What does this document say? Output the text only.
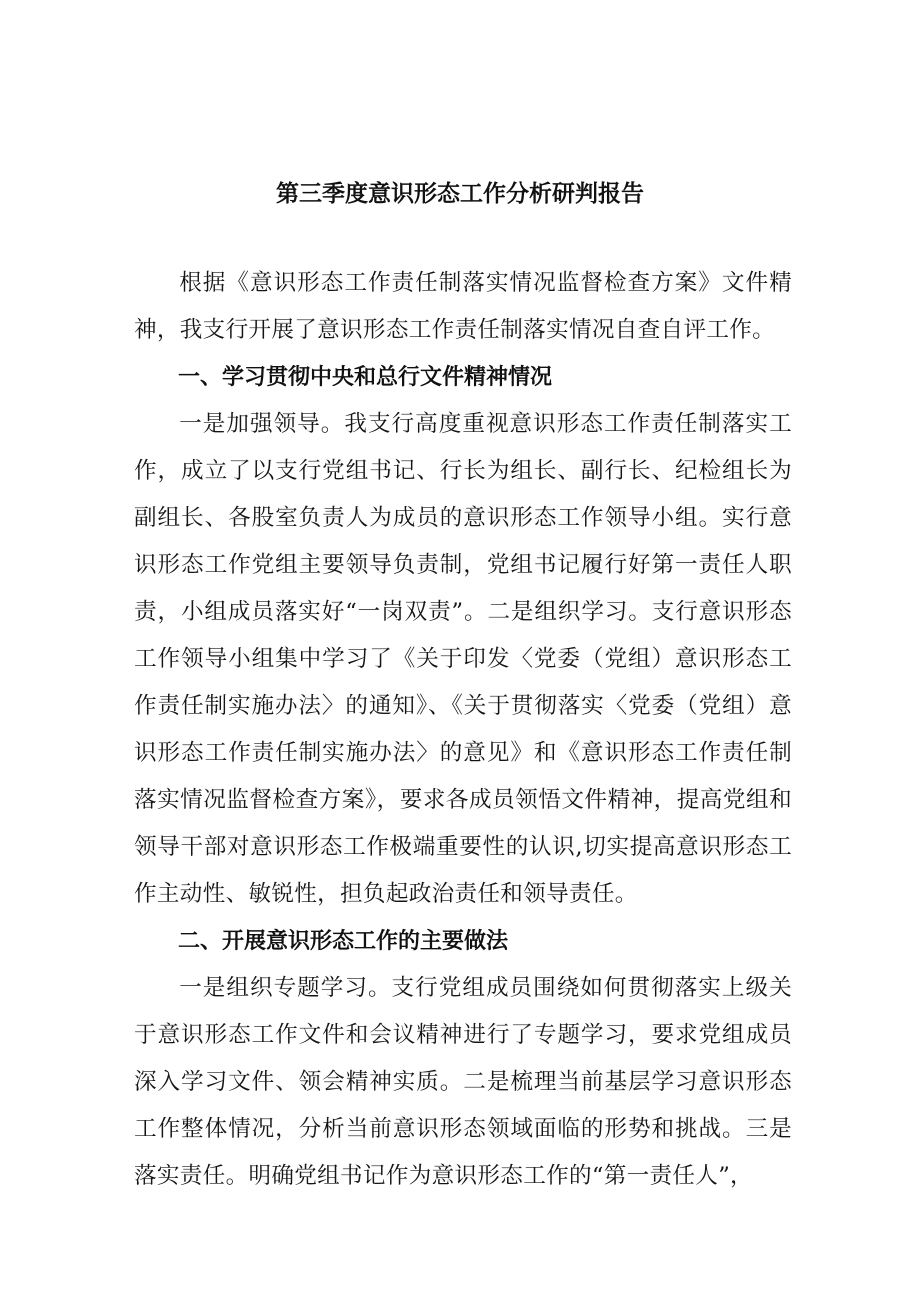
第三季度意识形态工作分析研判报告

根据《意识形态工作责任制落实情况监督检查方案》文件精神，我支行开展了意识形态工作责任制落实情况自查自评工作。

一、学习贯彻中央和总行文件精神情况

一是加强领导。我支行高度重视意识形态工作责任制落实工作，成立了以支行党组书记、行长为组长、副行长、纪检组长为副组长、各股室负责人为成员的意识形态工作领导小组。实行意识形态工作党组主要领导负责制，党组书记履行好第一责任人职责，小组成员落实好“一岗双责”。二是组织学习。支行意识形态工作领导小组集中学习了《关于印发〈党委（党组）意识形态工作责任制实施办法〉的通知》、《关于贯彻落实〈党委（党组）意识形态工作责任制实施办法〉的意见》和《意识形态工作责任制落实情况监督检查方案》，要求各成员领悟文件精神，提高党组和领导干部对意识形态工作极端重要性的认识,切实提高意识形态工作主动性、敏锐性，担负起政治责任和领导责任。

二、开展意识形态工作的主要做法

一是组织专题学习。支行党组成员围绕如何贯彻落实上级关于意识形态工作文件和会议精神进行了专题学习，要求党组成员深入学习文件、领会精神实质。二是梳理当前基层学习意识形态工作整体情况，分析当前意识形态领域面临的形势和挑战。三是落实责任。明确党组书记作为意识形态工作的“第一责任人”，
